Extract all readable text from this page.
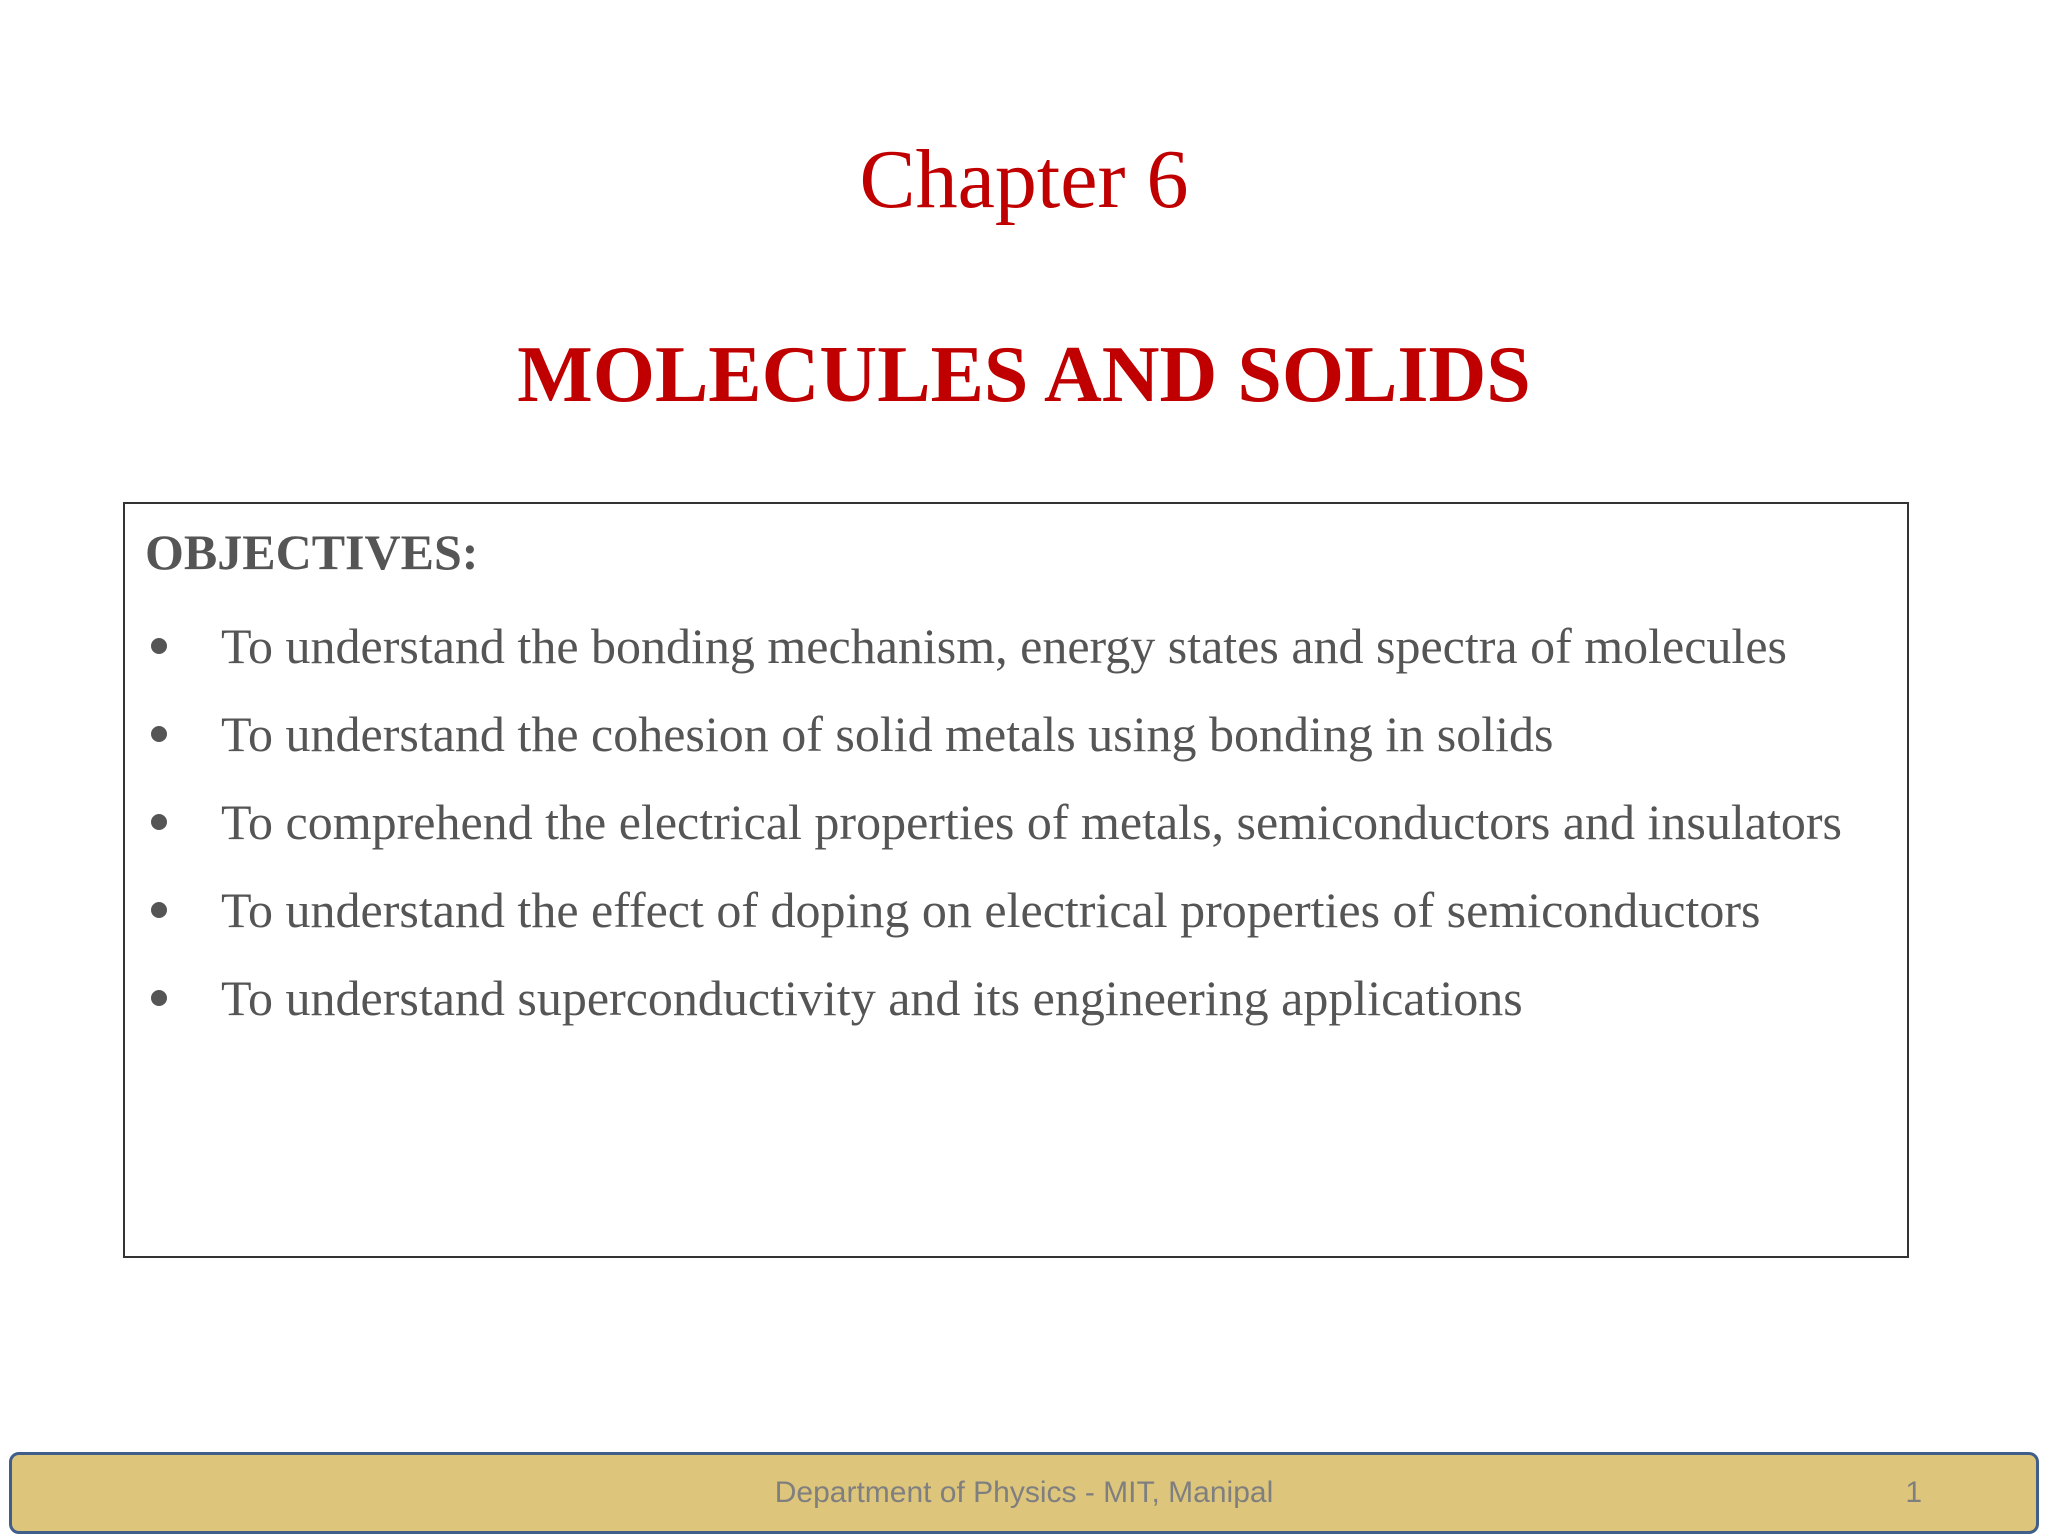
Chapter 6
MOLECULES AND SOLIDS
OBJECTIVES:
To understand the bonding mechanism, energy states and spectra of molecules
To understand the cohesion of solid metals using bonding in solids
To comprehend the electrical properties of metals, semiconductors and insulators
To understand the effect of doping on electrical properties of semiconductors
To understand superconductivity and its engineering applications
Department of Physics - MIT, Manipal	1
